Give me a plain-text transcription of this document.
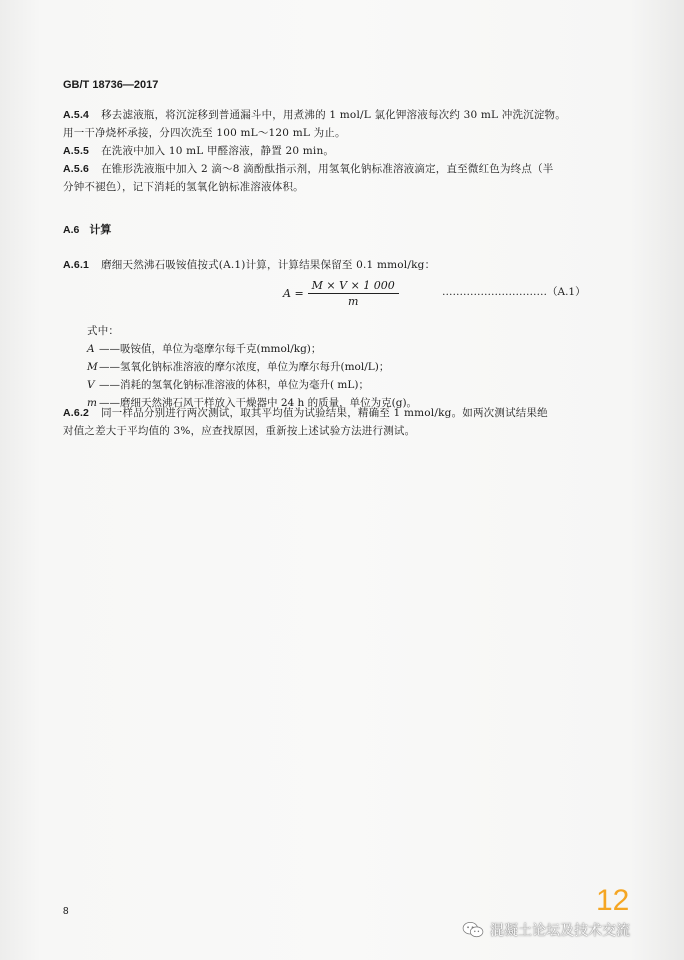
GB/T 18736—2017
A.5.4 移去滤液瓶，将沉淀移到普通漏斗中，用煮沸的 1 mol/L 氯化钾溶液每次约 30 mL 冲洗沉淀物。
用一干净烧杯承接，分四次洗至 100 mL～120 mL 为止。
A.5.5 在洗液中加入 10 mL 甲醛溶液，静置 20 min。
A.5.6 在锥形洗液瓶中加入 2 滴～8 滴酚酞指示剂，用氢氧化钠标准溶液滴定，直至微红色为终点（半
分钟不褪色），记下消耗的氢氧化钠标准溶液体积。
A.6 计算
A.6.1 磨细天然沸石吸铵值按式(A.1)计算，计算结果保留至 0.1 mmol/kg：
$A = \frac{M \times V \times 1 000}{m}$	…………………………（A.1）
式中：
A ——吸铵值，单位为毫摩尔每千克(mmol/kg)；
M——氢氧化钠标准溶液的摩尔浓度，单位为摩尔每升(mol/L)；
V ——消耗的氢氧化钠标准溶液的体积，单位为毫升( mL)；
m ——磨细天然沸石风干样放入干燥器中 24 h 的质量，单位为克(g)。
A.6.2 同一样品分别进行两次测试，取其平均值为试验结果，精确至 1 mmol/kg。如两次测试结果绝
对值之差大于平均值的 3%，应查找原因，重新按上述试验方法进行测试。
8	12
混凝土论坛及技术交流
